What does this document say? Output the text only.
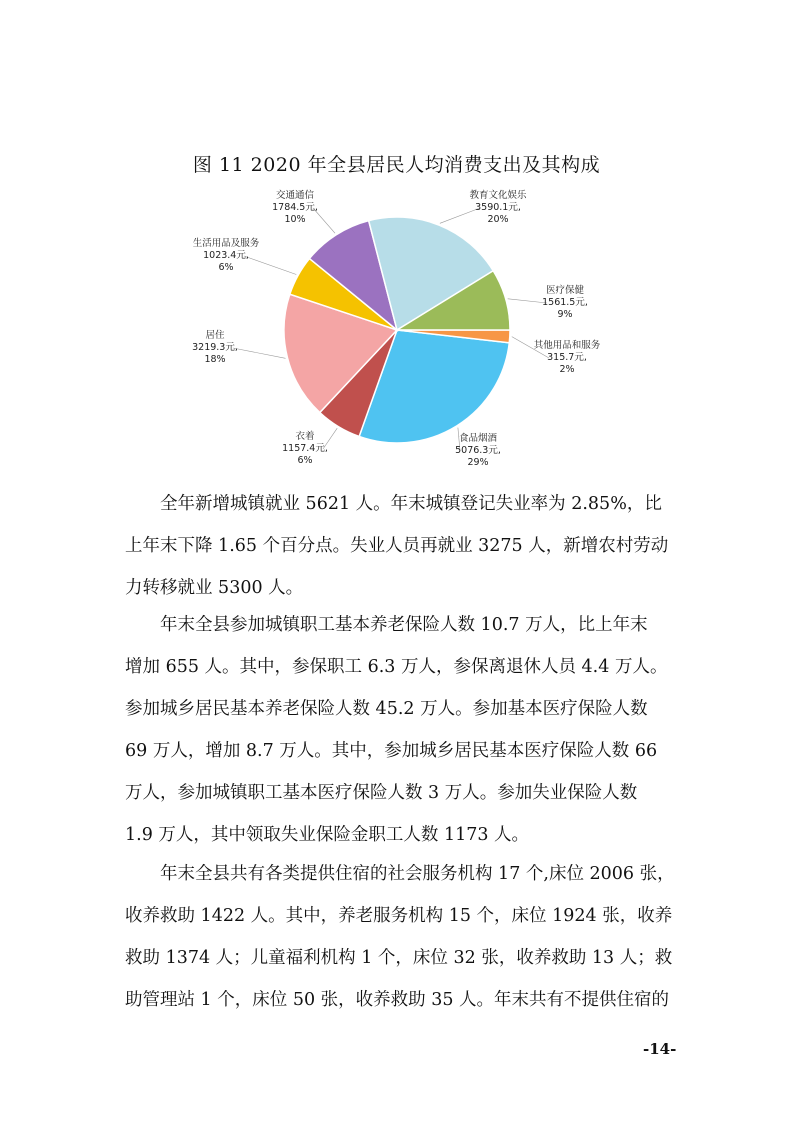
图 11 2020 年全县居民人均消费支出及其构成
食品烟酒 5076.3元, 29%
衣着 1157.4元, 6%
居住 3219.3元, 18%
生活用品及服务 1023.4元, 6%
交通通信 1784.5元, 10%
教育文化娱乐 3590.1元, 20%
医疗保健 1561.5元, 9%
其他用品和服务 315.7元, 2%
全年新增城镇就业 5621 人。年末城镇登记失业率为 2.85%，比
上年末下降 1.65 个百分点。失业人员再就业 3275 人，新增农村劳动
力转移就业 5300 人。
年末全县参加城镇职工基本养老保险人数 10.7 万人，比上年末
增加 655 人。其中，参保职工 6.3 万人，参保离退休人员 4.4 万人。
参加城乡居民基本养老保险人数 45.2 万人。参加基本医疗保险人数
69 万人，增加 8.7 万人。其中，参加城乡居民基本医疗保险人数 66
万人，参加城镇职工基本医疗保险人数 3 万人。参加失业保险人数
1.9 万人，其中领取失业保险金职工人数 1173 人。
年末全县共有各类提供住宿的社会服务机构 17 个,床位 2006 张，
收养救助 1422 人。其中，养老服务机构 15 个，床位 1924 张，收养
救助 1374 人；儿童福利机构 1 个，床位 32 张，收养救助 13 人；救
助管理站 1 个，床位 50 张，收养救助 35 人。年末共有不提供住宿的
-14-
